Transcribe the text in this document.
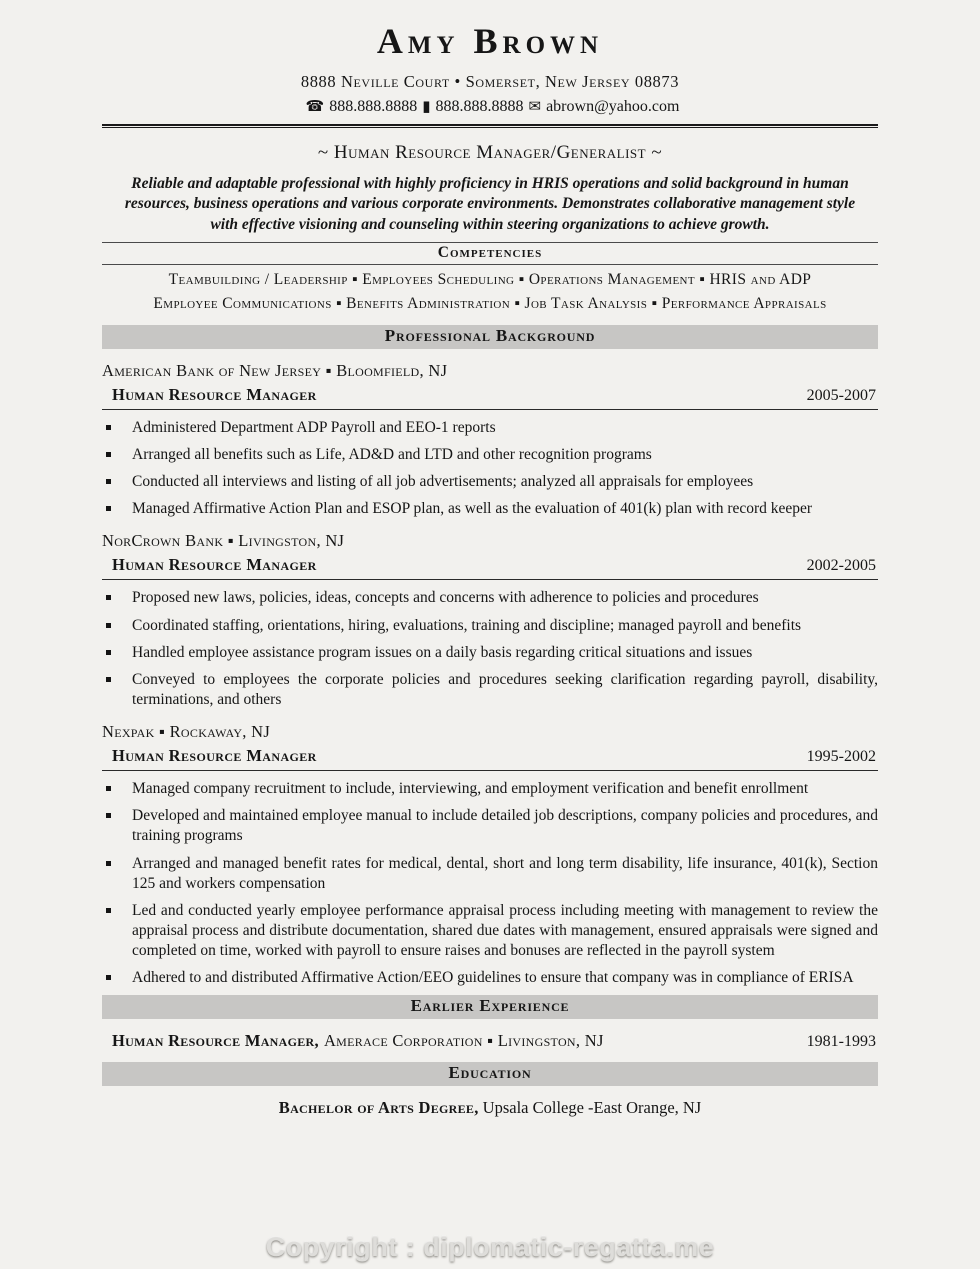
Amy Brown
8888 Neville Court • Somerset, New Jersey 08873
☎ 888.888.8888 ▮ 888.888.8888 ✉ abrown@yahoo.com
~ Human Resource Manager/Generalist ~

Reliable and adaptable professional with highly proficiency in HRIS operations and solid background in human resources, business operations and various corporate environments. Demonstrates collaborative management style with effective visioning and counseling within steering organizations to achieve growth.

Competencies
Teambuilding / Leadership ▪ Employees Scheduling ▪ Operations Management ▪ HRIS and ADP
Employee Communications ▪ Benefits Administration ▪ Job Task Analysis ▪ Performance Appraisals
Professional Background
American Bank of New Jersey ▪ Bloomfield, NJ
Human Resource Manager	2005-2007
Administered Department ADP Payroll and EEO-1 reports
Arranged all benefits such as Life, AD&D and LTD and other recognition programs
Conducted all interviews and listing of all job advertisements; analyzed all appraisals for employees
Managed Affirmative Action Plan and ESOP plan, as well as the evaluation of 401(k) plan with record keeper
NorCrown Bank ▪ Livingston, NJ
Human Resource Manager	2002-2005
Proposed new laws, policies, ideas, concepts and concerns with adherence to policies and procedures
Coordinated staffing, orientations, hiring, evaluations, training and discipline; managed payroll and benefits
Handled employee assistance program issues on a daily basis regarding critical situations and issues
Conveyed to employees the corporate policies and procedures seeking clarification regarding payroll, disability, terminations, and others
Nexpak ▪ Rockaway, NJ
Human Resource Manager	1995-2002
Managed company recruitment to include, interviewing, and employment verification and benefit enrollment
Developed and maintained employee manual to include detailed job descriptions, company policies and procedures, and training programs
Arranged and managed benefit rates for medical, dental, short and long term disability, life insurance, 401(k), Section 125 and workers compensation
Led and conducted yearly employee performance appraisal process including meeting with management to review the appraisal process and distribute documentation, shared due dates with management, ensured appraisals were signed and completed on time, worked with payroll to ensure raises and bonuses are reflected in the payroll system
Adhered to and distributed Affirmative Action/EEO guidelines to ensure that company was in compliance of ERISA
Earlier Experience
Human Resource Manager, Amerace Corporation ▪ Livingston, NJ	1981-1993
Education
Bachelor of Arts Degree, Upsala College -East Orange, NJ
Copyright : diplomatic-regatta.me
